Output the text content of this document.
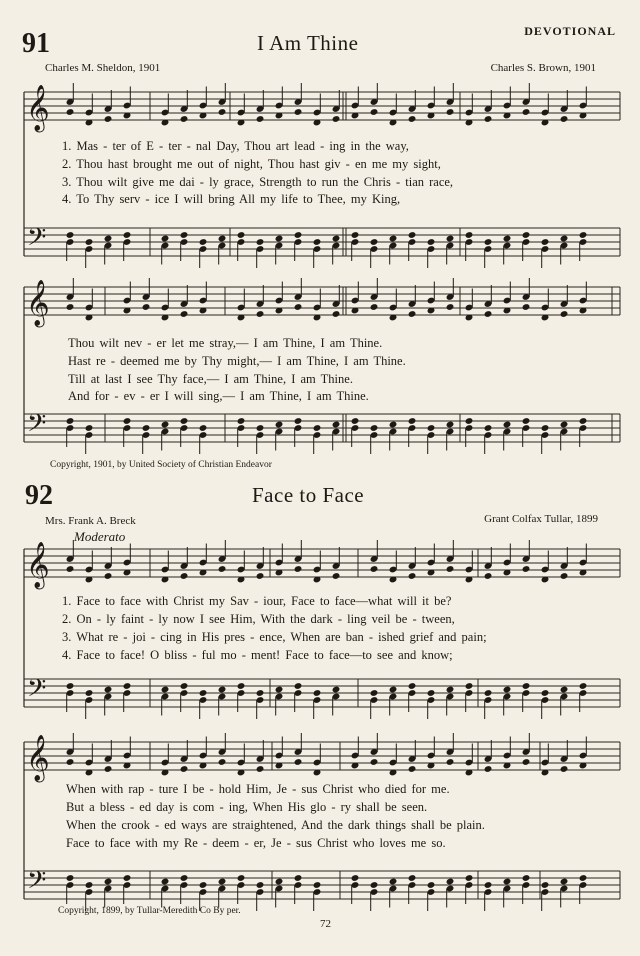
91	I Am Thine	DEVOTIONAL
Charles M. Sheldon, 1901	Charles S. Brown, 1901
1. Mas - ter of E - ter - nal Day, Thou art lead - ing in the way,
2. Thou hast brought me out of night, Thou hast giv - en me my sight,
3. Thou wilt give me dai - ly grace, Strength to run the Chris - tian race,
4. To Thy serv - ice I will bring All my life to Thee, my King,
Thou wilt nev - er let me stray,— I am Thine, I am Thine.
Hast re - deemed me by Thy might,— I am Thine, I am Thine.
Till at last I see Thy face,— I am Thine, I am Thine.
And for - ev - er I will sing,— I am Thine, I am Thine.
Copyright, 1901, by United Society of Christian Endeavor
92	Face to Face
Mrs. Frank A. Breck	Grant Colfax Tullar, 1899
Moderato
1. Face to face with Christ my Sav - iour, Face to face—what will it be?
2. On - ly faint - ly now I see Him, With the dark - ling veil be - tween,
3. What re - joi - cing in His pres - ence, When are ban - ished grief and pain;
4. Face to face! O bliss - ful mo - ment! Face to face—to see and know;
When with rap - ture I be - hold Him, Je - sus Christ who died for me.
But a bless - ed day is com - ing, When His glo - ry shall be seen.
When the crook - ed ways are straightened, And the dark things shall be plain.
Face to face with my Re - deem - er, Je - sus Christ who loves me so.
Copyright, 1899, by Tullar-Meredith Co By per.
72
𝄞
𝄢
𝄞
𝄢
𝄞
𝄢
𝄞
𝄢
